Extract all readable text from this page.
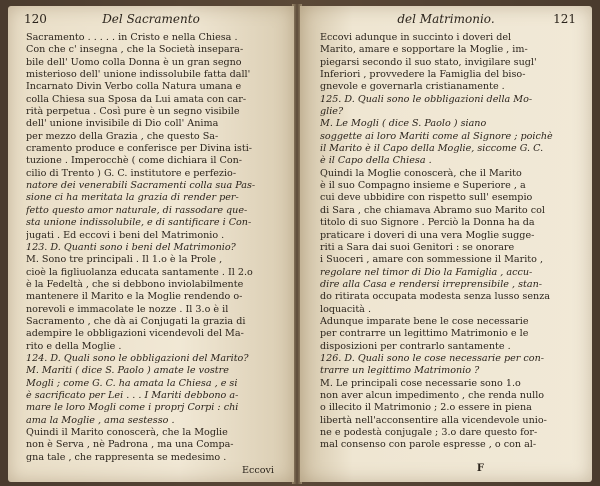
120	Del Sacramento
Sacramento . . . . . in Cristo e nella Chiesa .
Con che c' insegna , che la Società insepara-
bile dell' Uomo colla Donna è un gran segno
misterioso dell' unione indissolubile fatta dall'
Incarnato Divin Verbo colla Natura umana e
colla Chiesa sua Sposa da Lui amata con car-
rità perpetua . Così pure è un segno visibile
dell' unione invisibile di Dio coll' Anima
per mezzo della Grazia , che questo Sa-
cramento produce e conferisce per Divina isti-
tuzione . Imperocchè ( come dichiara il Con-
cilio di Trento ) G. C. institutore e perfezio-
natore dei venerabili Sacramenti colla sua Pas-
sione ci ha meritata la grazia di render per-
fetto questo amor naturale, di rassodare que-
sta unione indissolubile, e di santificare i Con-
jugati . Ed eccovi i beni del Matrimonio .
123. D. Quanti sono i beni del Matrimonio?
M. Sono tre principali . Il 1.o è la Prole ,
cioè la figliuolanza educata santamente . Il 2.o
è la Fedeltà , che si debbono inviolabilmente
mantenere il Marito e la Moglie rendendo o-
norevoli e immacolate le nozze . Il 3.o è il
Sacramento , che dà ai Conjugati la grazia di
adempire le obbligazioni vicendevoli del Ma-
rito e della Moglie .
124. D. Quali sono le obbligazioni del Marito?
M. Mariti ( dice S. Paolo ) amate le vostre
Mogli ; come G. C. ha amata la Chiesa , e si
è sacrificato per Lei . . . I Mariti debbono a-
mare le loro Mogli come i proprj Corpi : chi
ama la Moglie , ama sestesso .
Quindi il Marito conoscerà, che la Moglie
non è Serva , nè Padrona , ma una Compa-
gna tale , che rappresenta se medesimo .
Eccovi
del Matrimonio.	121
Eccovi adunque in succinto i doveri del
Marito, amare e sopportare la Moglie , im-
piegarsi secondo il suo stato, invigilare sugl'
Inferiori , provvedere la Famiglia del biso-
gnevole e governarla cristianamente .
125. D. Quali sono le obbligazioni della Mo-
glie?
M. Le Mogli ( dice S. Paolo ) siano
soggette ai loro Mariti come al Signore ; poichè
il Marito è il Capo della Moglie, siccome G. C.
è il Capo della Chiesa .
Quindi la Moglie conoscerà, che il Marito
è il suo Compagno insieme e Superiore , a
cui deve ubbidire con rispetto sull' esempio
di Sara , che chiamava Abramo suo Marito col
titolo di suo Signore . Perciò la Donna ha da
praticare i doveri di una vera Moglie sugge-
riti a Sara dai suoi Genitori : se onorare
i Suoceri , amare con sommessione il Marito ,
regolare nel timor di Dio la Famiglia , accu-
dire alla Casa e rendersi irreprensibile , stan-
do ritirata occupata modesta senza lusso senza
loquacità .
Adunque imparate bene le cose necessarie
per contrarre un legittimo Matrimonio e le
disposizioni per contrarlo santamente .
126. D. Quali sono le cose necessarie per con-
trarre un legittimo Matrimonio ?
M. Le principali cose necessarie sono 1.o
non aver alcun impedimento , che renda nullo
o illecito il Matrimonio ; 2.o essere in piena
libertà nell'acconsentire alla vicendevole unio-
ne e podestà conjugale ; 3.o dare questo for-
mal consenso con parole espresse , o con al-
F
